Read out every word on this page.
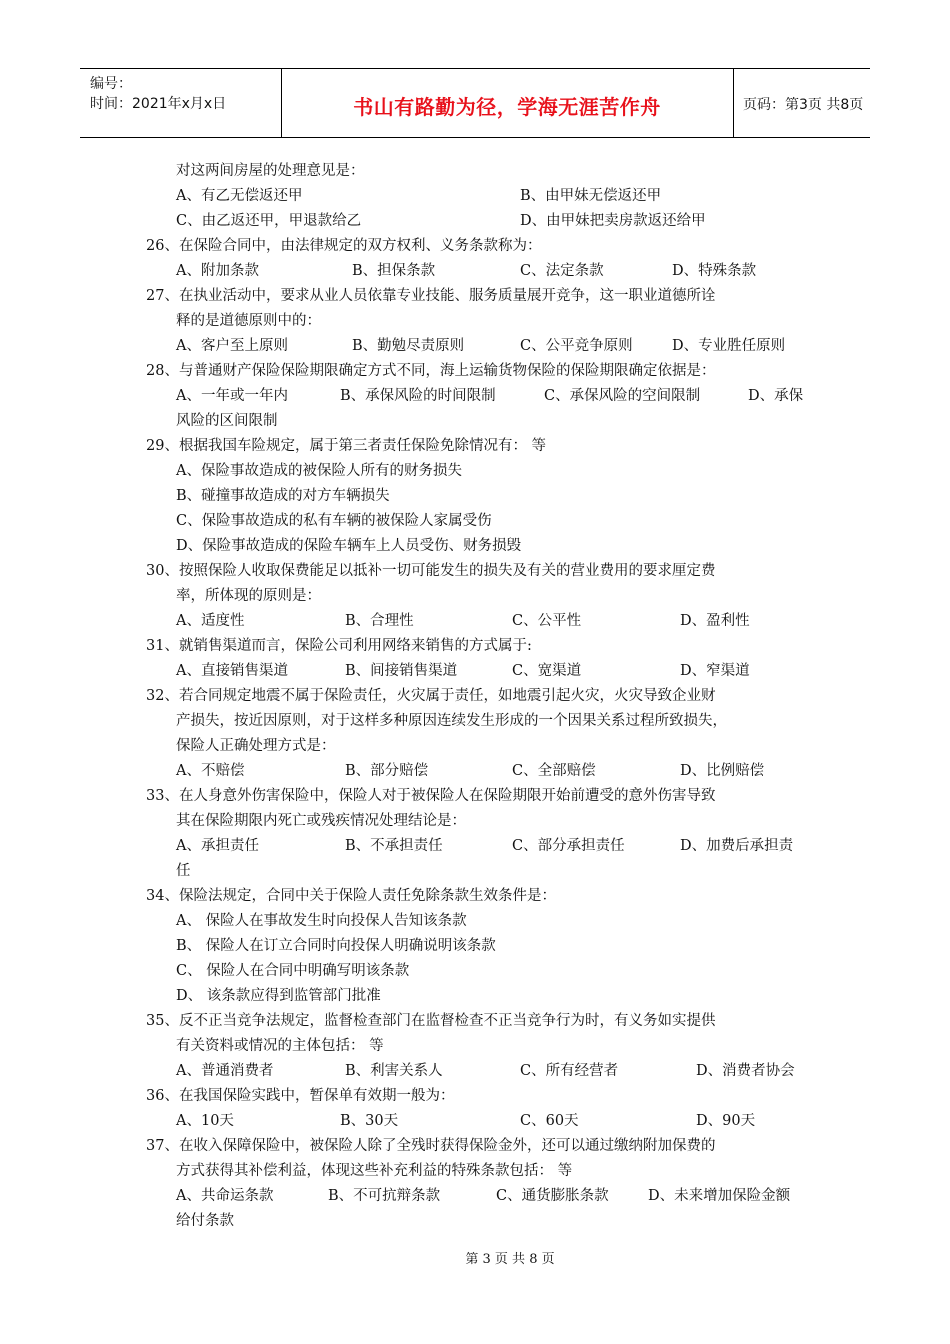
编号：
时间：2021年x月x日	书山有路勤为径，学海无涯苦作舟	页码：第3页 共8页
对这两间房屋的处理意见是：
A、有乙无偿返还甲	B、由甲妹无偿返还甲
C、由乙返还甲，甲退款给乙	D、由甲妹把卖房款返还给甲
26、在保险合同中，由法律规定的双方权利、义务条款称为：
A、附加条款	B、担保条款	C、法定条款	D、特殊条款
27、在执业活动中，要求从业人员依靠专业技能、服务质量展开竞争，这一职业道德所诠
释的是道德原则中的：
A、客户至上原则	B、勤勉尽责原则	C、公平竞争原则	D、专业胜任原则
28、与普通财产保险保险期限确定方式不同，海上运输货物保险的保险期限确定依据是：
A、一年或一年内	B、承保风险的时间限制	C、承保风险的空间限制	D、承保
风险的区间限制
29、根据我国车险规定，属于第三者责任保险免除情况有： 等
A、保险事故造成的被保险人所有的财务损失
B、碰撞事故造成的对方车辆损失
C、保险事故造成的私有车辆的被保险人家属受伤
D、保险事故造成的保险车辆车上人员受伤、财务损毁
30、按照保险人收取保费能足以抵补一切可能发生的损失及有关的营业费用的要求厘定费
率，所体现的原则是：
A、适度性	B、合理性	C、公平性	D、盈利性
31、就销售渠道而言，保险公司利用网络来销售的方式属于:
A、直接销售渠道	B、间接销售渠道	C、宽渠道	D、窄渠道
32、若合同规定地震不属于保险责任，火灾属于责任，如地震引起火灾，火灾导致企业财
产损失，按近因原则，对于这样多种原因连续发生形成的一个因果关系过程所致损失，
保险人正确处理方式是：
A、不赔偿	B、部分赔偿	C、全部赔偿	D、比例赔偿
33、在人身意外伤害保险中，保险人对于被保险人在保险期限开始前遭受的意外伤害导致
其在保险期限内死亡或残疾情况处理结论是：
A、承担责任	B、不承担责任	C、部分承担责任	D、加费后承担责
任
34、保险法规定，合同中关于保险人责任免除条款生效条件是：
A、 保险人在事故发生时向投保人告知该条款
B、 保险人在订立合同时向投保人明确说明该条款
C、 保险人在合同中明确写明该条款
D、 该条款应得到监管部门批准
35、反不正当竞争法规定，监督检查部门在监督检查不正当竞争行为时，有义务如实提供
有关资料或情况的主体包括： 等
A、普通消费者	B、利害关系人	C、所有经营者	D、消费者协会
36、在我国保险实践中，暂保单有效期一般为：
A、10天	B、30天	C、60天	D、90天
37、在收入保障保险中，被保险人除了全残时获得保险金外，还可以通过缴纳附加保费的
方式获得其补偿利益，体现这些补充利益的特殊条款包括： 等
A、共命运条款	B、不可抗辩条款	C、通货膨胀条款	D、未来增加保险金额
给付条款
第 3 页 共 8 页
